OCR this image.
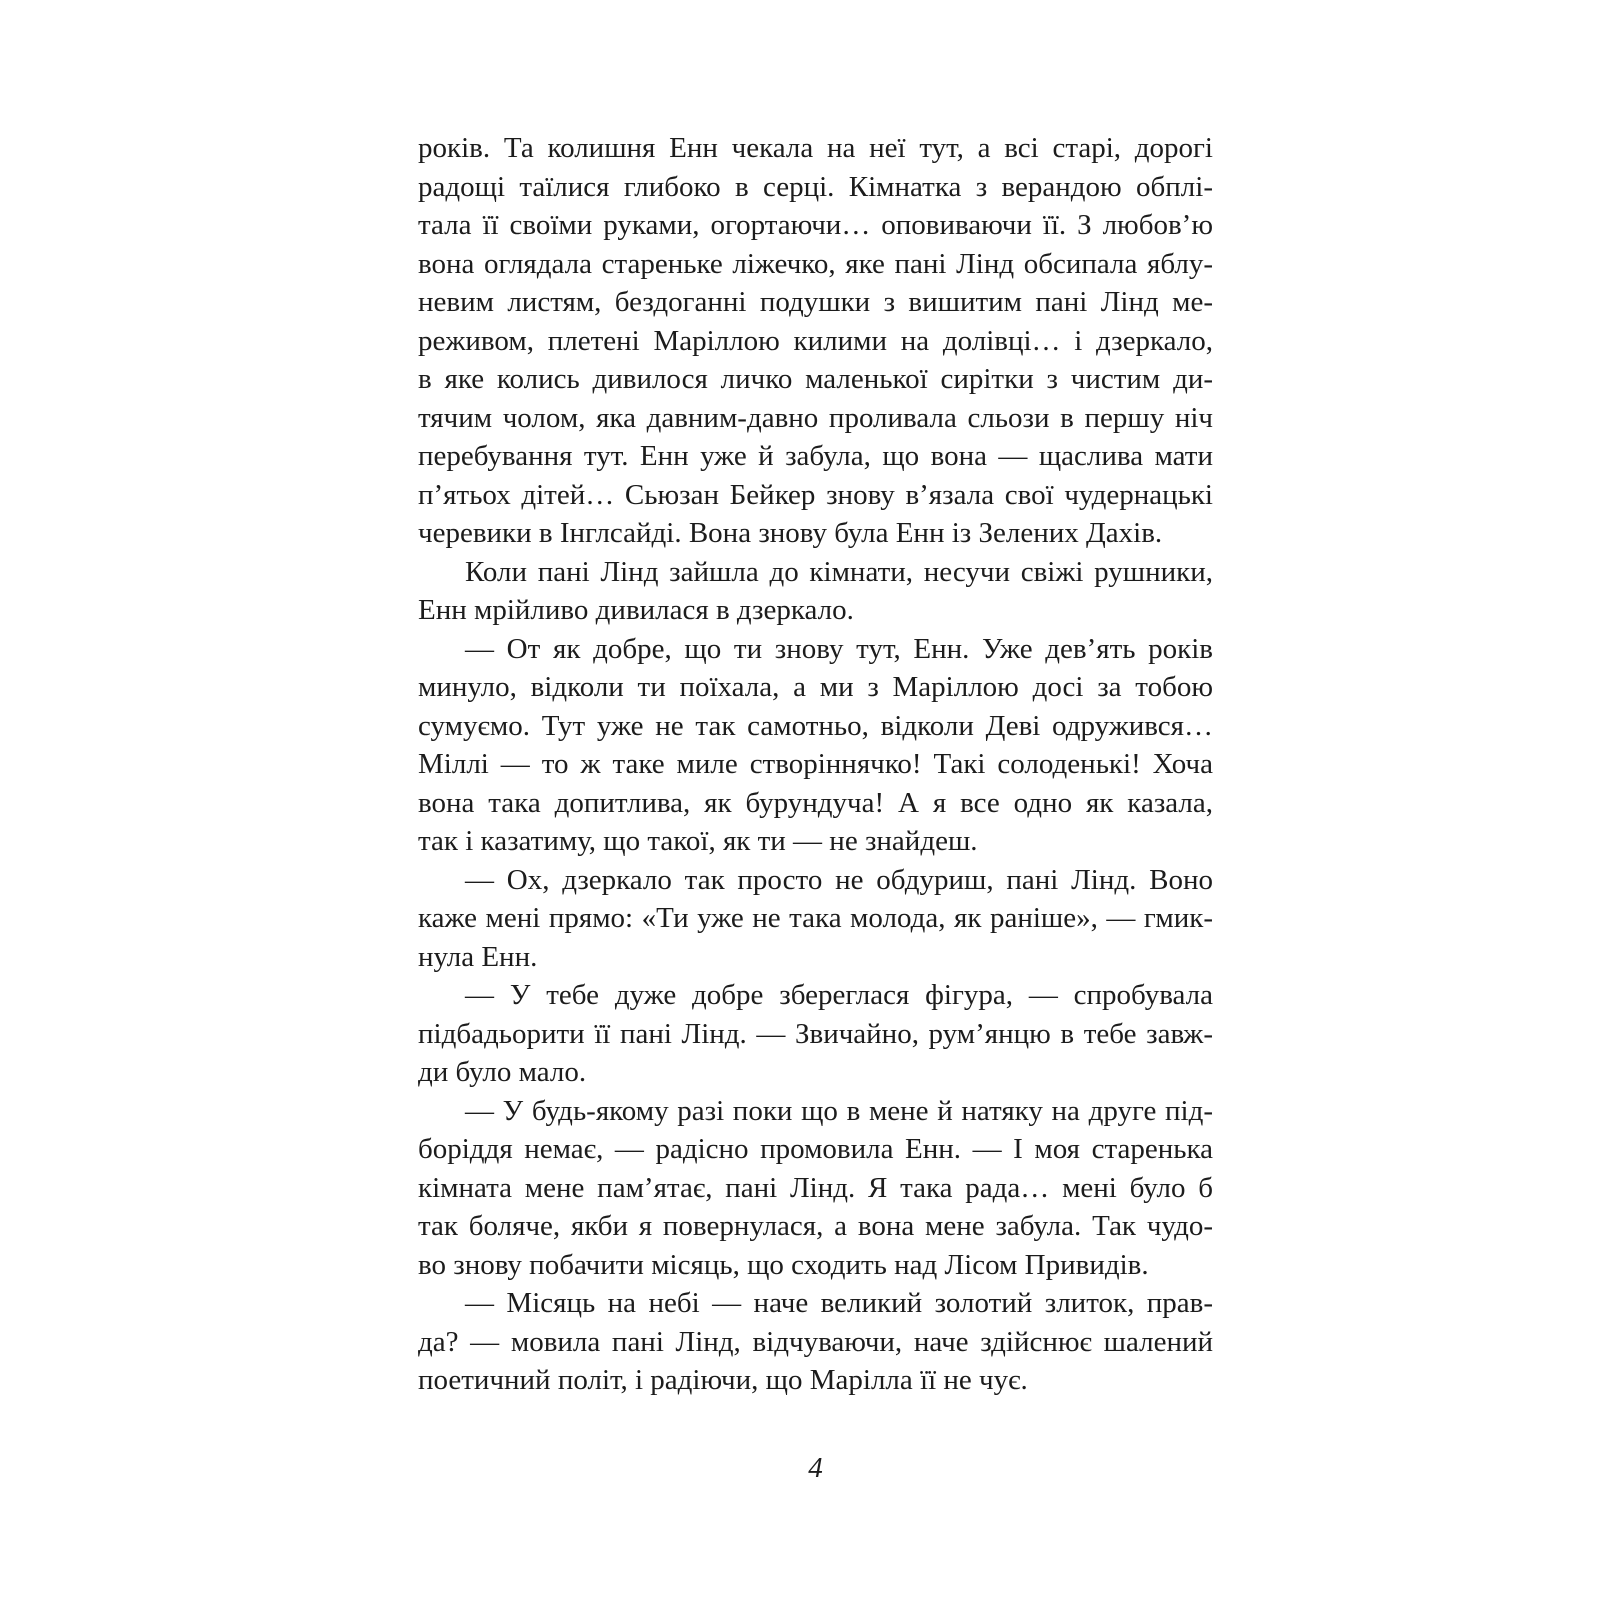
років. Та колишня Енн чекала на неї тут, а всі старі, дорогі
радощі таїлися глибоко в серці. Кімнатка з верандою обплі-
тала її своїми руками, огортаючи… оповиваючи її. З любов’ю
вона оглядала стареньке ліжечко, яке пані Лінд обсипала яблу-
невим листям, бездоганні подушки з вишитим пані Лінд ме-
реживом, плетені Маріллою килими на долівці… і дзеркало,
в яке колись дивилося личко маленької сирітки з чистим ди-
тячим чолом, яка давним-давно проливала сльози в першу ніч
перебування тут. Енн уже й забула, що вона — щаслива мати
п’ятьох дітей… Сьюзан Бейкер знову в’язала свої чудернацькі
черевики в Інглсайді. Вона знову була Енн із Зелених Дахів.
Коли пані Лінд зайшла до кімнати, несучи свіжі рушники,
Енн мрійливо дивилася в дзеркало.
— От як добре, що ти знову тут, Енн. Уже дев’ять років
минуло, відколи ти поїхала, а ми з Маріллою досі за тобою
сумуємо. Тут уже не так самотньо, відколи Деві одружився…
Міллі — то ж таке миле створіннячко! Такі солоденькі! Хоча
вона така допитлива, як бурундуча! А я все одно як казала,
так і казатиму, що такої, як ти — не знайдеш.
— Ох, дзеркало так просто не обдуриш, пані Лінд. Воно
каже мені прямо: «Ти уже не така молода, як раніше», — гмик-
нула Енн.
— У тебе дуже добре збереглася фігура, — спробувала
підбадьорити її пані Лінд. — Звичайно, рум’янцю в тебе завж-
ди було мало.
— У будь-якому разі поки що в мене й натяку на друге під-
боріддя немає, — радісно промовила Енн. — І моя старенька
кімната мене пам’ятає, пані Лінд. Я така рада… мені було б
так боляче, якби я повернулася, а вона мене забула. Так чудо-
во знову побачити місяць, що сходить над Лісом Привидів.
— Місяць на небі — наче великий золотий злиток, прав-
да? — мовила пані Лінд, відчуваючи, наче здійснює шалений
поетичний політ, і радіючи, що Марілла її не чує.
4
